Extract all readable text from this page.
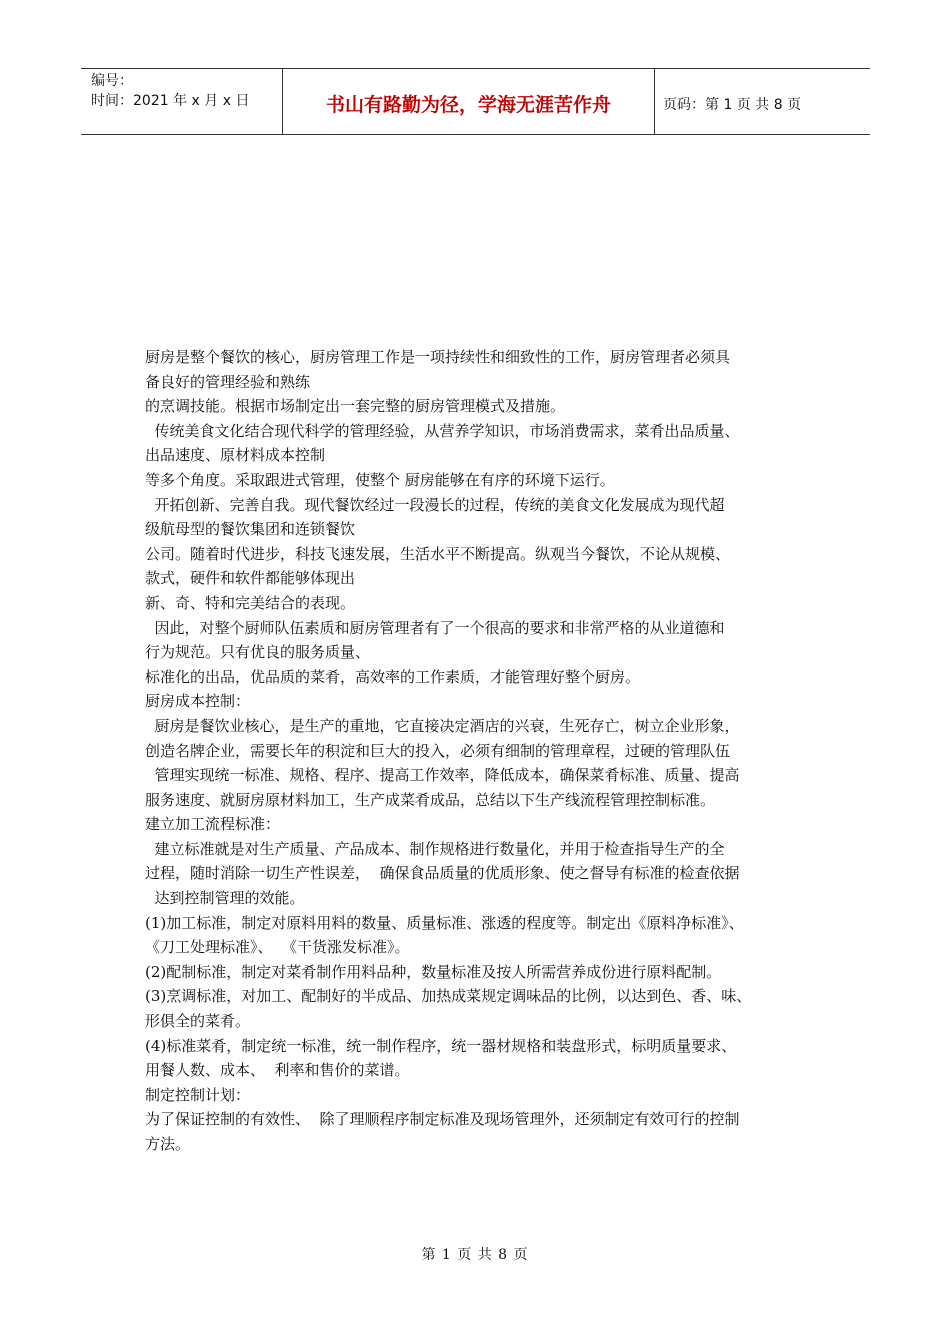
编号：
时间：2021 年 x 月 x 日	书山有路勤为径，学海无涯苦作舟	页码：第 1 页 共 8 页

厨房是整个餐饮的核心，厨房管理工作是一项持续性和细致性的工作，厨房管理者必须具

备良好的管理经验和熟练

的烹调技能。根据市场制定出一套完整的厨房管理模式及措施。

传统美食文化结合现代科学的管理经验，从营养学知识，市场消费需求，菜肴出品质量、

出品速度、原材料成本控制

等多个角度。采取跟进式管理，使整个 厨房能够在有序的环境下运行。

开拓创新、完善自我。现代餐饮经过一段漫长的过程，传统的美食文化发展成为现代超

级航母型的餐饮集团和连锁餐饮

公司。随着时代进步，科技飞速发展，生活水平不断提高。纵观当今餐饮，不论从规模、

款式，硬件和软件都能够体现出

新、奇、特和完美结合的表现。

因此，对整个厨师队伍素质和厨房管理者有了一个很高的要求和非常严格的从业道德和

行为规范。只有优良的服务质量、

标准化的出品，优品质的菜肴，高效率的工作素质，才能管理好整个厨房。

厨房成本控制：

厨房是餐饮业核心，是生产的重地，它直接决定酒店的兴衰，生死存亡，树立企业形象，

创造名牌企业，需要长年的积淀和巨大的投入，必须有细制的管理章程，过硬的管理队伍

管理实现统一标准、规格、程序、提高工作效率，降低成本，确保菜肴标准、质量、提高

服务速度、就厨房原材料加工，生产成菜肴成品，总结以下生产线流程管理控制标准。

建立加工流程标准：

建立标准就是对生产质量、产品成本、制作规格进行数量化，并用于检查指导生产的全

过程，随时消除一切生产性误差，  确保食品质量的优质形象、使之督导有标准的检查依据

达到控制管理的效能。

(1)加工标准，制定对原料用料的数量、质量标准、涨透的程度等。制定出《原料净标准》、

《刀工处理标准》、  《干货涨发标准》。

(2)配制标准，制定对菜肴制作用料品种，数量标准及按人所需营养成份进行原料配制。

(3)烹调标准，对加工、配制好的半成品、加热成菜规定调味品的比例，以达到色、香、味、

形俱全的菜肴。

(4)标准菜肴，制定统一标准，统一制作程序，统一器材规格和装盘形式，标明质量要求、

用餐人数、成本、  利率和售价的菜谱。

制定控制计划：

为了保证控制的有效性、  除了理顺程序制定标准及现场管理外，还须制定有效可行的控制

方法。

第 1 页 共 8 页
